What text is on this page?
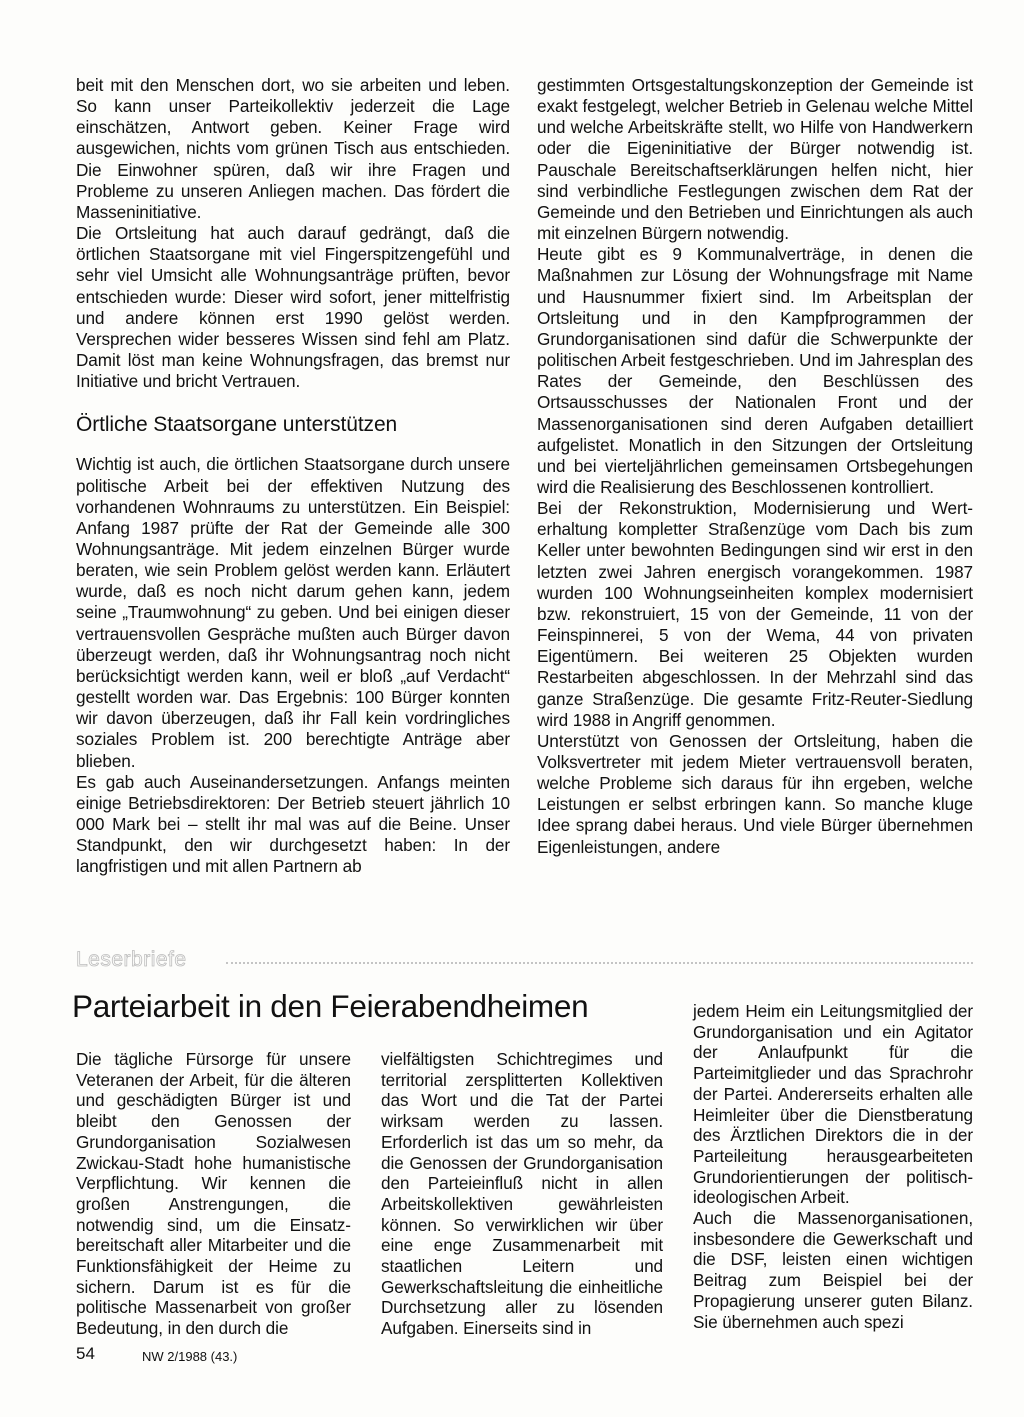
beit mit den Menschen dort, wo sie arbeiten und leben. So kann unser Parteikollektiv jederzeit die Lage einschätzen, Antwort geben. Keiner Frage wird ausgewichen, nichts vom grünen Tisch aus entschieden. Die Einwohner spüren, daß wir ihre Fragen und Probleme zu unseren Anliegen machen. Das fördert die Masseninitiative.

Die Ortsleitung hat auch darauf gedrängt, daß die örtlichen Staatsorgane mit viel Fingerspitzengefühl und sehr viel Umsicht alle Wohnungsanträge prüften, bevor entschieden wurde: Dieser wird sofort, jener mittelfristig und andere können erst 1990 gelöst werden. Versprechen wider besseres Wissen sind fehl am Platz. Damit löst man keine Wohnungsfragen, das bremst nur Initiative und bricht Vertrauen.

Örtliche Staatsorgane unterstützen

Wichtig ist auch, die örtlichen Staatsorgane durch unsere politische Arbeit bei der effektiven Nutzung des vorhandenen Wohnraums zu unterstützen. Ein Beispiel: Anfang 1987 prüfte der Rat der Gemeinde alle 300 Wohnungsanträge. Mit jedem einzelnen Bürger wurde beraten, wie sein Problem gelöst werden kann. Erläutert wurde, daß es noch nicht darum gehen kann, jedem seine „Traumwohnung“ zu geben. Und bei einigen dieser vertrauensvollen Gespräche mußten auch Bürger davon überzeugt werden, daß ihr Wohnungsantrag noch nicht berücksichtigt werden kann, weil er bloß „auf Verdacht“ gestellt worden war. Das Ergebnis: 100 Bürger konnten wir davon überzeugen, daß ihr Fall kein vordringliches soziales Problem ist. 200 berechtigte Anträge aber blieben.

Es gab auch Auseinandersetzungen. Anfangs meinten einige Betriebsdirektoren: Der Betrieb steuert jährlich 10 000 Mark bei – stellt ihr mal was auf die Beine. Unser Standpunkt, den wir durchgesetzt haben: In der langfristigen und mit allen Partnern ab

gestimmten Ortsgestaltungskonzeption der Gemeinde ist exakt festgelegt, welcher Betrieb in Gelenau welche Mittel und welche Arbeitskräfte stellt, wo Hilfe von Handwerkern oder die Eigeninitiative der Bürger notwendig ist. Pauschale Bereitschaftserklärungen helfen nicht, hier sind verbindliche Festlegungen zwischen dem Rat der Gemeinde und den Betrieben und Einrichtungen als auch mit einzelnen Bürgern notwendig.

Heute gibt es 9 Kommunalverträge, in denen die Maßnahmen zur Lösung der Wohnungsfrage mit Name und Hausnummer fixiert sind. Im Arbeitsplan der Ortsleitung und in den Kampfprogrammen der Grundorganisationen sind dafür die Schwerpunkte der politischen Arbeit festgeschrieben. Und im Jahresplan des Rates der Gemeinde, den Beschlüssen des Ortsausschusses der Nationalen Front und der Massenorganisationen sind deren Aufgaben detailliert aufgelistet. Monatlich in den Sitzungen der Ortsleitung und bei vierteljährlichen gemeinsamen Ortsbegehungen wird die Realisierung des Beschlossenen kontrolliert.

Bei der Rekonstruktion, Modernisierung und Werterhaltung kompletter Straßenzüge vom Dach bis zum Keller unter bewohnten Bedingungen sind wir erst in den letzten zwei Jahren energisch vorangekommen. 1987 wurden 100 Wohnungseinheiten komplex modernisiert bzw. rekonstruiert, 15 von der Gemeinde, 11 von der Feinspinnerei, 5 von der Wema, 44 von privaten Eigentümern. Bei weiteren 25 Objekten wurden Restarbeiten abgeschlossen. In der Mehrzahl sind das ganze Straßenzüge. Die gesamte Fritz-Reuter-Siedlung wird 1988 in Angriff genommen.

Unterstützt von Genossen der Ortsleitung, haben die Volksvertreter mit jedem Mieter vertrauensvoll beraten, welche Probleme sich daraus für ihn ergeben, welche Leistungen er selbst erbringen kann. So manche kluge Idee sprang dabei heraus. Und viele Bürger übernehmen Eigenleistungen, andere

Leserbriefe
Parteiarbeit in den Feierabendheimen

Die tägliche Fürsorge für unsere Veteranen der Arbeit, für die älteren und geschädigten Bürger ist und bleibt den Genossen der Grundorganisation Sozialwesen Zwickau-Stadt hohe humanistische Verpflichtung. Wir kennen die großen Anstrengungen, die notwendig sind, um die Einsatzbereitschaft aller Mitarbeiter und die Funktionsfähigkeit der Heime zu sichern. Darum ist es für die politische Massenarbeit von großer Bedeutung, in den durch die

vielfältigsten Schichtregimes und territorial zersplitterten Kollektiven das Wort und die Tat der Partei wirksam werden zu lassen. Erforderlich ist das um so mehr, da die Genossen der Grundorganisation den Parteieinfluß nicht in allen Arbeitskollektiven gewährleisten können. So verwirklichen wir über eine enge Zusammenarbeit mit staatlichen Leitern und Gewerkschaftsleitung die einheitliche Durchsetzung aller zu lösenden Aufgaben. Einerseits sind in

jedem Heim ein Leitungsmitglied der Grundorganisation und ein Agitator der Anlaufpunkt für die Parteimitglieder und das Sprachrohr der Partei. Andererseits erhalten alle Heimleiter über die Dienstberatung des Ärztlichen Direktors die in der Parteileitung herausgearbeiteten Grundorientierungen der politisch-ideologischen Arbeit.

Auch die Massenorganisationen, insbesondere die Gewerkschaft und die DSF, leisten einen wichtigen Beitrag zum Beispiel bei der Propagierung unserer guten Bilanz. Sie übernehmen auch spezi

54	NW 2/1988 (43.)
